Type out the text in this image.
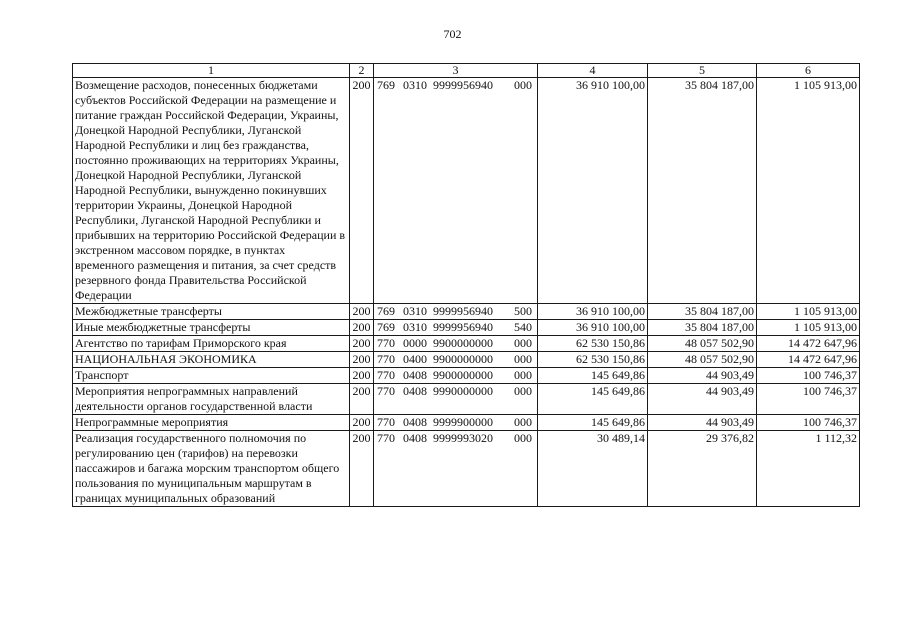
702
1	2	3	4	5	6
Возмещение расходов, понесенных бюджетами субъектов Российской Федерации на размещение и питание граждан Российской Федерации, Украины, Донецкой Народной Республики, Луганской Народной Республики и лиц без гражданства, постоянно проживающих на территориях Украины, Донецкой Народной Республики, Луганской Народной Республики, вынужденно покинувших территории Украины, Донецкой Народной Республики, Луганской Народной Республики и прибывших на территорию Российской Федерации в экстренном массовом порядке, в пунктах временного размещения и питания, за счет средств резервного фонда Правительства Российской Федерации	200	769 0310 9999956940 000	36 910 100,00	35 804 187,00	1 105 913,00
Межбюджетные трансферты	200	769 0310 9999956940 500	36 910 100,00	35 804 187,00	1 105 913,00
Иные межбюджетные трансферты	200	769 0310 9999956940 540	36 910 100,00	35 804 187,00	1 105 913,00
Агентство по тарифам Приморского края	200	770 0000 9900000000 000	62 530 150,86	48 057 502,90	14 472 647,96
НАЦИОНАЛЬНАЯ ЭКОНОМИКА	200	770 0400 9900000000 000	62 530 150,86	48 057 502,90	14 472 647,96
Транспорт	200	770 0408 9900000000 000	145 649,86	44 903,49	100 746,37
Мероприятия непрограммных направлений деятельности органов государственной власти	200	770 0408 9990000000 000	145 649,86	44 903,49	100 746,37
Непрограммные мероприятия	200	770 0408 9999900000 000	145 649,86	44 903,49	100 746,37
Реализация государственного полномочия по регулированию цен (тарифов) на перевозки пассажиров и багажа морским транспортом общего пользования по муниципальным маршрутам в границах муниципальных образований	200	770 0408 9999993020 000	30 489,14	29 376,82	1 112,32
